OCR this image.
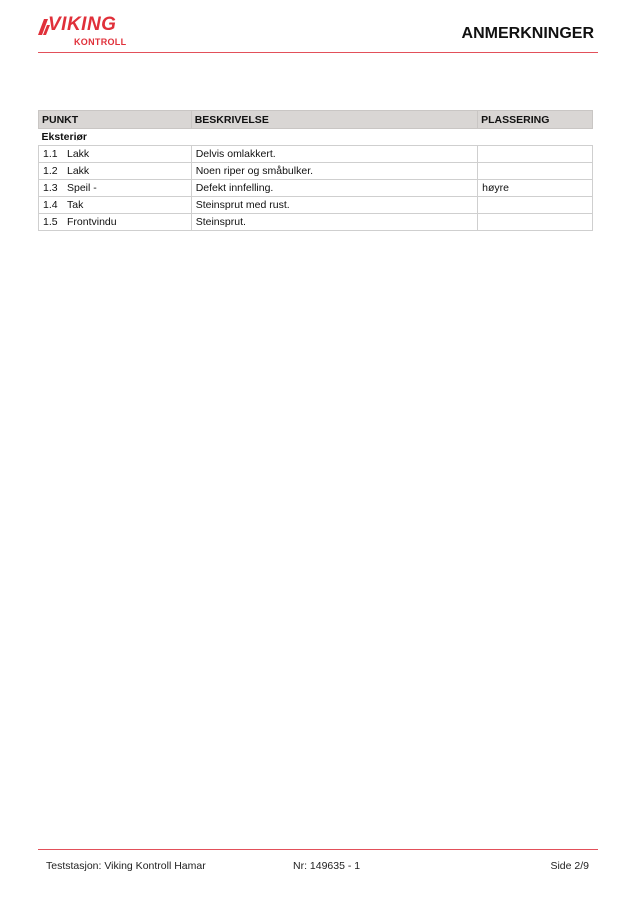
VIKING
KONTROLL	ANMERKNINGER
PUNKT	BESKRIVELSE	PLASSERING
Eksteriør		
1.1 Lakk	Delvis omlakkert.	
1.2 Lakk	Noen riper og småbulker.	
1.3 Speil -	Defekt innfelling.	høyre
1.4 Tak	Steinsprut med rust.	
1.5 Frontvindu	Steinsprut.	
Teststasjon: Viking Kontroll Hamar	Nr: 149635 - 1	Side 2/9
